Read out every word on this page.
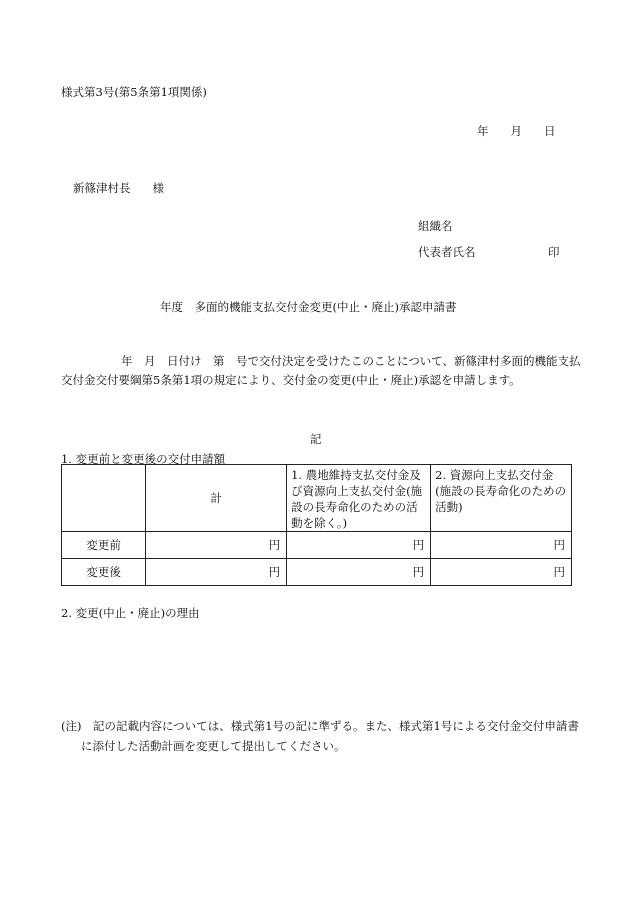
様式第3号(第5条第1項関係)
年 月 日
新篠津村長 様
組織名
代表者氏名	印
年度　多面的機能支払交付金変更(中止・廃止)承認申請書
年　月　日付け　第　号で交付決定を受けたこのことについて、新篠津村多面的機能支払交付金交付要綱第5条第1項の規定により、交付金の変更(中止・廃止)承認を申請します。
記
1. 変更前と変更後の交付申請額
	計	1. 農地維持支払交付金及び資源向上支払交付金(施設の長寿命化のための活動を除く。)	2. 資源向上支払交付金(施設の長寿命化のための活動)
変更前	円	円	円
変更後	円	円	円
2. 変更(中止・廃止)の理由
(注)　記の記載内容については、様式第1号の記に準ずる。また、様式第1号による交付金交付申請書に添付した活動計画を変更して提出してください。
